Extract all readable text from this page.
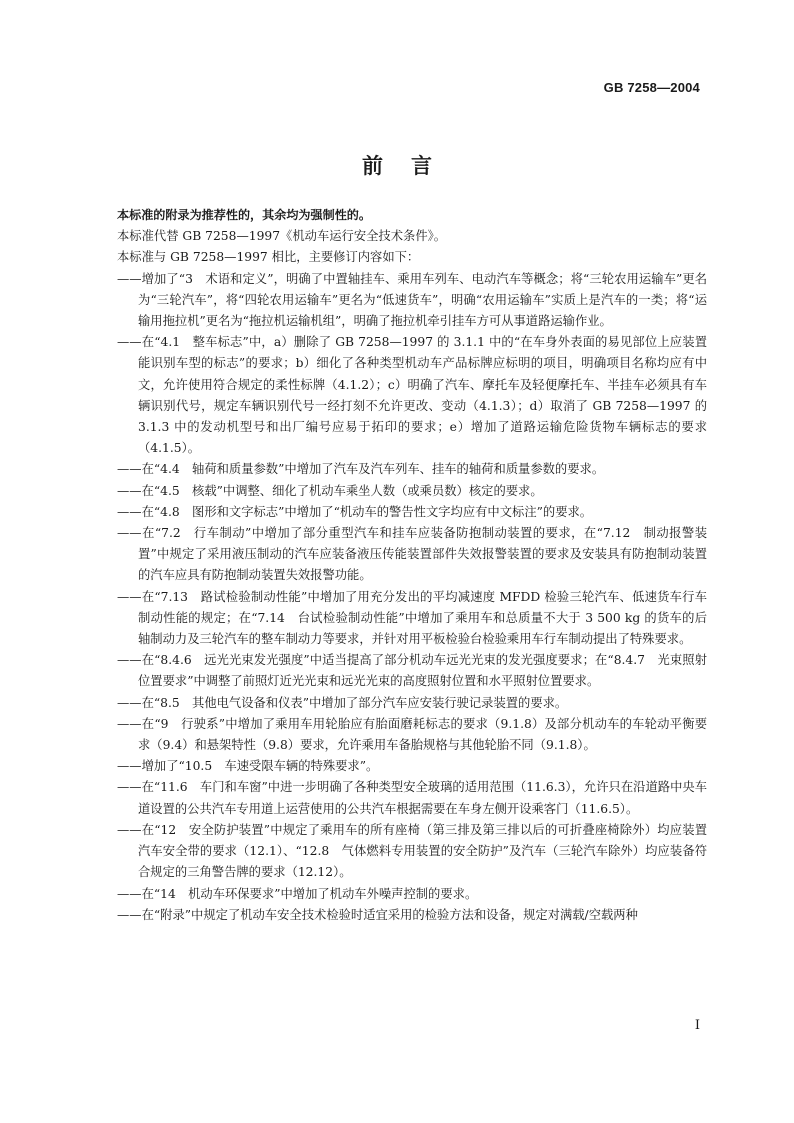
GB 7258—2004
前言

本标准的附录为推荐性的，其余均为强制性的。

本标准代替 GB 7258—1997《机动车运行安全技术条件》。

本标准与 GB 7258—1997 相比，主要修订内容如下：

——增加了“3　术语和定义”，明确了中置轴挂车、乘用车列车、电动汽车等概念；将“三轮农用运输车”更名为“三轮汽车”，将“四轮农用运输车”更名为“低速货车”，明确“农用运输车”实质上是汽车的一类；将“运输用拖拉机”更名为“拖拉机运输机组”，明确了拖拉机牵引挂车方可从事道路运输作业。

——在“4.1　整车标志”中，a）删除了 GB 7258—1997 的 3.1.1 中的“在车身外表面的易见部位上应装置能识别车型的标志”的要求；b）细化了各种类型机动车产品标牌应标明的项目，明确项目名称均应有中文，允许使用符合规定的柔性标牌（4.1.2）；c）明确了汽车、摩托车及轻便摩托车、半挂车必须具有车辆识别代号，规定车辆识别代号一经打刻不允许更改、变动（4.1.3）；d）取消了 GB 7258—1997 的 3.1.3 中的发动机型号和出厂编号应易于拓印的要求；e）增加了道路运输危险货物车辆标志的要求（4.1.5）。

——在“4.4　轴荷和质量参数”中增加了汽车及汽车列车、挂车的轴荷和质量参数的要求。

——在“4.5　核载”中调整、细化了机动车乘坐人数（或乘员数）核定的要求。

——在“4.8　图形和文字标志”中增加了“机动车的警告性文字均应有中文标注”的要求。

——在“7.2　行车制动”中增加了部分重型汽车和挂车应装备防抱制动装置的要求，在“7.12　制动报警装置”中规定了采用液压制动的汽车应装备液压传能装置部件失效报警装置的要求及安装具有防抱制动装置的汽车应具有防抱制动装置失效报警功能。

——在“7.13　路试检验制动性能”中增加了用充分发出的平均减速度 MFDD 检验三轮汽车、低速货车行车制动性能的规定；在“7.14　台试检验制动性能”中增加了乘用车和总质量不大于 3 500 kg 的货车的后轴制动力及三轮汽车的整车制动力等要求，并针对用平板检验台检验乘用车行车制动提出了特殊要求。

——在“8.4.6　远光光束发光强度”中适当提高了部分机动车远光光束的发光强度要求；在“8.4.7　光束照射位置要求”中调整了前照灯近光光束和远光光束的高度照射位置和水平照射位置要求。

——在“8.5　其他电气设备和仪表”中增加了部分汽车应安装行驶记录装置的要求。

——在“9　行驶系”中增加了乘用车用轮胎应有胎面磨耗标志的要求（9.1.8）及部分机动车的车轮动平衡要求（9.4）和悬架特性（9.8）要求，允许乘用车备胎规格与其他轮胎不同（9.1.8）。

——增加了“10.5　车速受限车辆的特殊要求”。

——在“11.6　车门和车窗”中进一步明确了各种类型安全玻璃的适用范围（11.6.3），允许只在沿道路中央车道设置的公共汽车专用道上运营使用的公共汽车根据需要在车身左侧开设乘客门（11.6.5）。

——在“12　安全防护装置”中规定了乘用车的所有座椅（第三排及第三排以后的可折叠座椅除外）均应装置汽车安全带的要求（12.1）、“12.8　气体燃料专用装置的安全防护”及汽车（三轮汽车除外）均应装备符合规定的三角警告牌的要求（12.12）。

——在“14　机动车环保要求”中增加了机动车外噪声控制的要求。

——在“附录”中规定了机动车安全技术检验时适宜采用的检验方法和设备，规定对满载/空载两种

I
